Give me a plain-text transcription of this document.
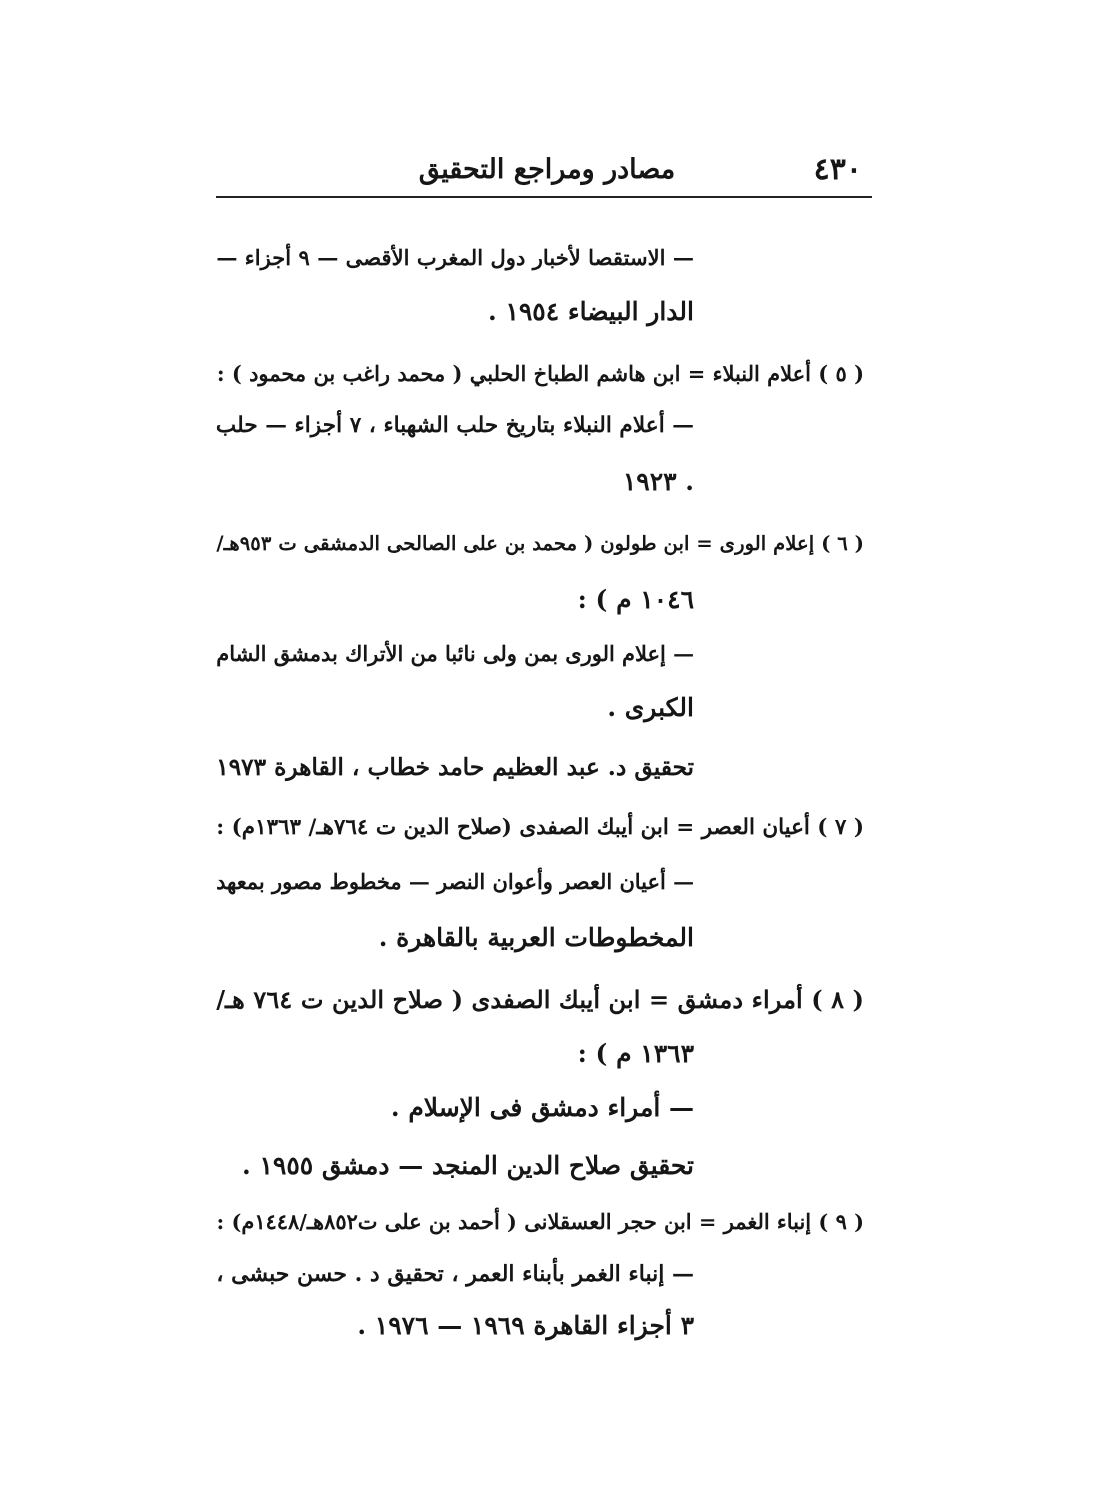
٤٣٠
مصادر ومراجع التحقيق
— الاستقصا لأخبار دول المغرب الأقصى — ٩ أجزاء —
الدار البيضاء ١٩٥٤ .
( ٥ ) أعلام النبلاء = ابن هاشم الطباخ الحلبي ( محمد راغب بن محمود ) :
— أعلام النبلاء بتاريخ حلب الشهباء ، ٧ أجزاء — حلب
. ١٩٢٣
( ٦ ) إعلام الورى = ابن طولون ( محمد بن على الصالحى الدمشقى ت ٩٥٣هـ/
١٠٤٦ م ) :
— إعلام الورى بمن ولى نائبا من الأتراك بدمشق الشام
الكبرى .
تحقيق د. عبد العظيم حامد خطاب ، القاهرة ١٩٧٣
( ٧ ) أعيان العصر = ابن أيبك الصفدى (صلاح الدين ت ٧٦٤هـ/ ١٣٦٣م) :
— أعيان العصر وأعوان النصر — مخطوط مصور بمعهد
المخطوطات العربية بالقاهرة .
( ٨ ) أمراء دمشق = ابن أيبك الصفدى ( صلاح الدين ت ٧٦٤ هـ/
١٣٦٣ م ) :
— أمراء دمشق فى الإسلام .
تحقيق صلاح الدين المنجد — دمشق ١٩٥٥ .
( ٩ ) إنباء الغمر = ابن حجر العسقلانى ( أحمد بن على ت٨٥٢هـ/١٤٤٨م) :
— إنباء الغمر بأبناء العمر ، تحقيق د . حسن حبشى ،
٣ أجزاء القاهرة ١٩٦٩ — ١٩٧٦ .
